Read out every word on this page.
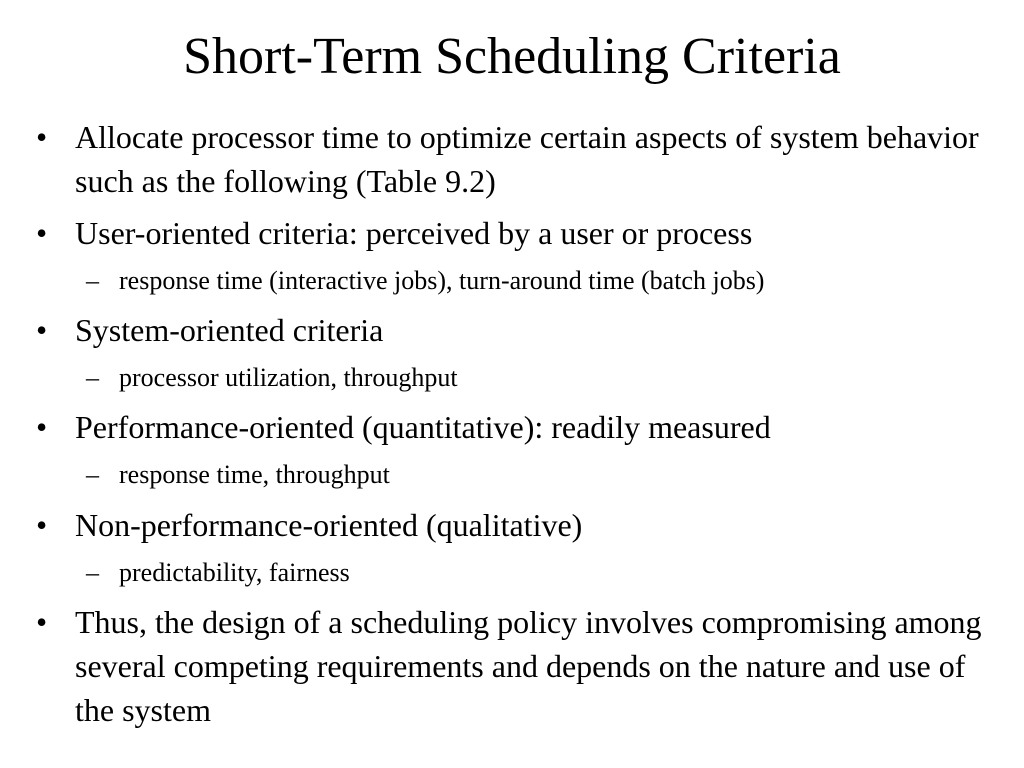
Short-Term Scheduling Criteria
• Allocate processor time to optimize certain aspects of system behavior such as the following (Table 9.2)
• User-oriented criteria: perceived by a user or process
– response time (interactive jobs), turn-around time (batch jobs)
• System-oriented criteria
– processor utilization, throughput
• Performance-oriented (quantitative): readily measured
– response time, throughput
• Non-performance-oriented (qualitative)
– predictability, fairness
• Thus, the design of a scheduling policy involves compromising among several competing requirements and depends on the nature and use of the system
